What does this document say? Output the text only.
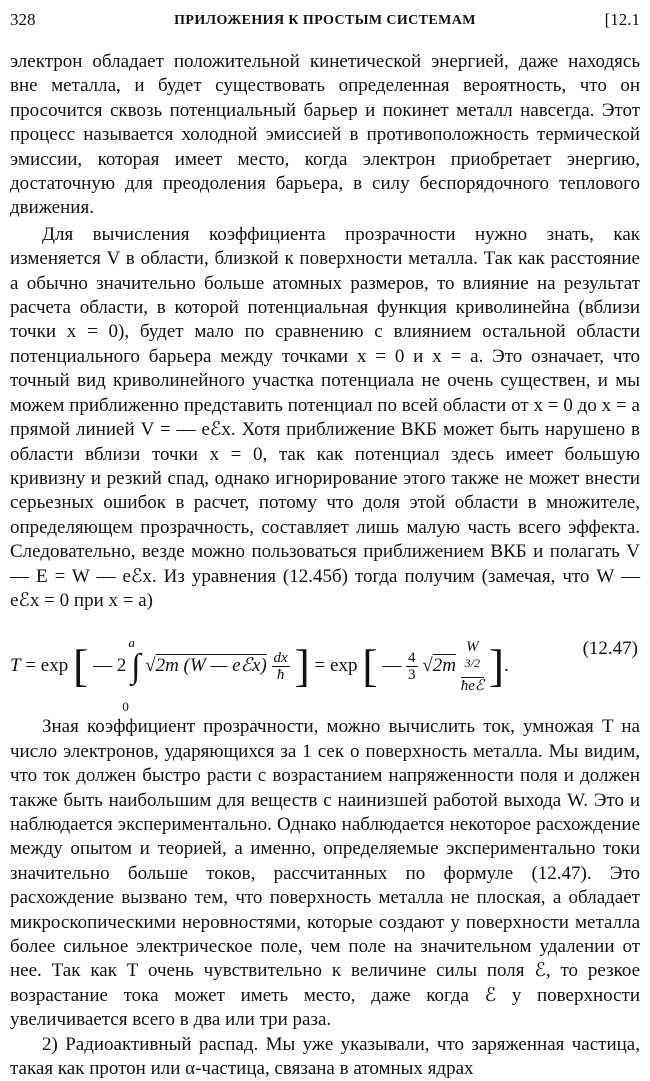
328	ПРИЛОЖЕНИЯ К ПРОСТЫМ СИСТЕМАМ	[12.1

электрон обладает положительной кинетической энергией, даже находясь вне металла, и будет существовать определенная вероятность, что он просочится сквозь потенциальный барьер и покинет металл навсегда. Этот процесс называется холодной эмиссией в противоположность термической эмиссии, которая имеет место, когда электрон приобретает энергию, достаточную для преодоления барьера, в силу беспорядочного теплового движения.

Для вычисления коэффициента прозрачности нужно знать, как изменяется V в области, близкой к поверхности металла. Так как расстояние a обычно значительно больше атомных размеров, то влияние на результат расчета области, в которой потенциальная функция криволинейна (вблизи точки x = 0), будет мало по сравнению с влиянием остальной области потенциального барьера между точками x = 0 и x = a. Это означает, что точный вид криволинейного участка потенциала не очень существен, и мы можем приближенно представить потенциал по всей области от x = 0 до x = a прямой линией V = — eℰx. Хотя приближение ВКБ может быть нарушено в области вблизи точки x = 0, так как потенциал здесь имеет большую кривизну и резкий спад, однако игнорирование этого также не может внести серьезных ошибок в расчет, потому что доля этой области в множителе, определяющем прозрачность, составляет лишь малую часть всего эффекта. Следовательно, везде можно пользоваться приближением ВКБ и полагать V — E = W — eℰx. Из уравнения (12.45б) тогда получим (замечая, что W — eℰx = 0 при x = a)

T = exp [ — 2 ∫
a
0
√2m (W — eℰx) $\frac{dx}{ħ}$ ] = exp [ — $\frac{4}{3} √2m$ W
$^{3/2}$
ħeℰ ].
(12.47)

Зная коэффициент прозрачности, можно вычислить ток, умножая T на число электронов, ударяющихся за 1 сек о поверхность металла. Мы видим, что ток должен быстро расти с возрастанием напряженности поля и должен также быть наибольшим для веществ с наинизшей работой выхода W. Это и наблюдается экспериментально. Однако наблюдается некоторое расхождение между опытом и теорией, а именно, определяемые экспериментально токи значительно больше токов, рассчитанных по формуле (12.47). Это расхождение вызвано тем, что поверхность металла не плоская, а обладает микроскопическими неровностями, которые создают у поверхности металла более сильное электрическое поле, чем поле на значительном удалении от нее. Так как T очень чувствительно к величине силы поля ℰ, то резкое возрастание тока может иметь место, даже когда ℰ у поверхности увеличивается всего в два или три раза.

2) Радиоактивный распад. Мы уже указывали, что заряженная частица, такая как протон или α-частица, связана в атомных ядрах
